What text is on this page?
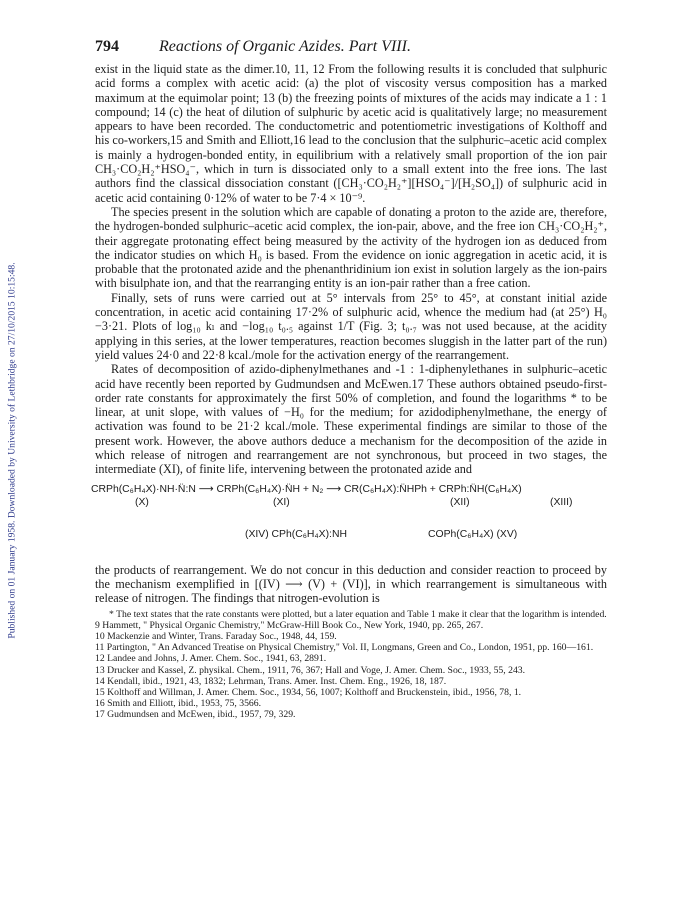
Published on 01 January 1958. Downloaded by University of Lethbridge on 27/10/2015 10:15:48.
794	Reactions of Organic Azides. Part VIII.

exist in the liquid state as the dimer.10, 11, 12 From the following results it is concluded that sulphuric acid forms a complex with acetic acid: (a) the plot of viscosity versus composition has a marked maximum at the equimolar point; 13 (b) the freezing points of mixtures of the acids may indicate a 1 : 1 compound; 14 (c) the heat of dilution of sulphuric by acetic acid is qualitatively large; no measurement appears to have been recorded. The conductometric and potentiometric investigations of Kolthoff and his co-workers,15 and Smith and Elliott,16 lead to the conclusion that the sulphuric–acetic acid complex is mainly a hydrogen-bonded entity, in equilibrium with a relatively small proportion of the ion pair CH₃·CO₂H₂⁺HSO₄⁻, which in turn is dissociated only to a small extent into the free ions. The last authors find the classical dissociation constant ([CH₃·CO₂H₂⁺][HSO₄⁻]/[H₂SO₄]) of sulphuric acid in acetic acid containing 0·12% of water to be 7·4 × 10⁻⁹.

The species present in the solution which are capable of donating a proton to the azide are, therefore, the hydrogen-bonded sulphuric–acetic acid complex, the ion-pair, above, and the free ion CH₃·CO₂H₂⁺, their aggregate protonating effect being measured by the activity of the hydrogen ion as deduced from the indicator studies on which H₀ is based. From the evidence on ionic aggregation in acetic acid, it is probable that the protonated azide and the phenanthridinium ion exist in solution largely as the ion-pairs with bisulphate ion, and that the rearranging entity is an ion-pair rather than a free cation.

Finally, sets of runs were carried out at 5° intervals from 25° to 45°, at constant initial azide concentration, in acetic acid containing 17·2% of sulphuric acid, whence the medium had (at 25°) H₀ −3·21. Plots of log₁₀ kₗ and −log₁₀ t₀.₅ against 1/T (Fig. 3; t₀.₇ was not used because, at the acidity applying in this series, at the lower temperatures, reaction becomes sluggish in the latter part of the run) yield values 24·0 and 22·8 kcal./mole for the activation energy of the rearrangement.

Rates of decomposition of azido-diphenylmethanes and -1 : 1-diphenylethanes in sulphuric–acetic acid have recently been reported by Gudmundsen and McEwen.17 These authors obtained pseudo-first-order rate constants for approximately the first 50% of completion, and found the logarithms * to be linear, at unit slope, with values of −H₀ for the medium; for azidodiphenylmethane, the energy of activation was found to be 21·2 kcal./mole. These experimental findings are similar to those of the present work. However, the above authors deduce a mechanism for the decomposition of the azide in which release of nitrogen and rearrangement are not synchronous, but proceed in two stages, the intermediate (XI), of finite life, intervening between the protonated azide and

CRPh(C₆H₄X)·NH·N̈:N ⟶ CRPh(C₆H₄X)·N̈H + N₂ ⟶ CR(C₆H₄X):N̈HPh + CRPh:N̈H(C₆H₄X)
(X)	(XI)	(XII)	(XIII)
(XIV) CPh(C₆H₄X):NH	COPh(C₆H₄X) (XV)

the products of rearrangement. We do not concur in this deduction and consider reaction to proceed by the mechanism exemplified in [(IV) ⟶ (V) + (VI)], in which rearrangement is simultaneous with release of nitrogen. The findings that nitrogen-evolution is

* The text states that the rate constants were plotted, but a later equation and Table 1 make it clear that the logarithm is intended.

9 Hammett, " Physical Organic Chemistry," McGraw-Hill Book Co., New York, 1940, pp. 265, 267.

10 Mackenzie and Winter, Trans. Faraday Soc., 1948, 44, 159.

11 Partington, " An Advanced Treatise on Physical Chemistry," Vol. II, Longmans, Green and Co., London, 1951, pp. 160—161.

12 Landee and Johns, J. Amer. Chem. Soc., 1941, 63, 2891.

13 Drucker and Kassel, Z. physikal. Chem., 1911, 76, 367; Hall and Voge, J. Amer. Chem. Soc., 1933, 55, 243.

14 Kendall, ibid., 1921, 43, 1832; Lehrman, Trans. Amer. Inst. Chem. Eng., 1926, 18, 187.

15 Kolthoff and Willman, J. Amer. Chem. Soc., 1934, 56, 1007; Kolthoff and Bruckenstein, ibid., 1956, 78, 1.

16 Smith and Elliott, ibid., 1953, 75, 3566.

17 Gudmundsen and McEwen, ibid., 1957, 79, 329.
